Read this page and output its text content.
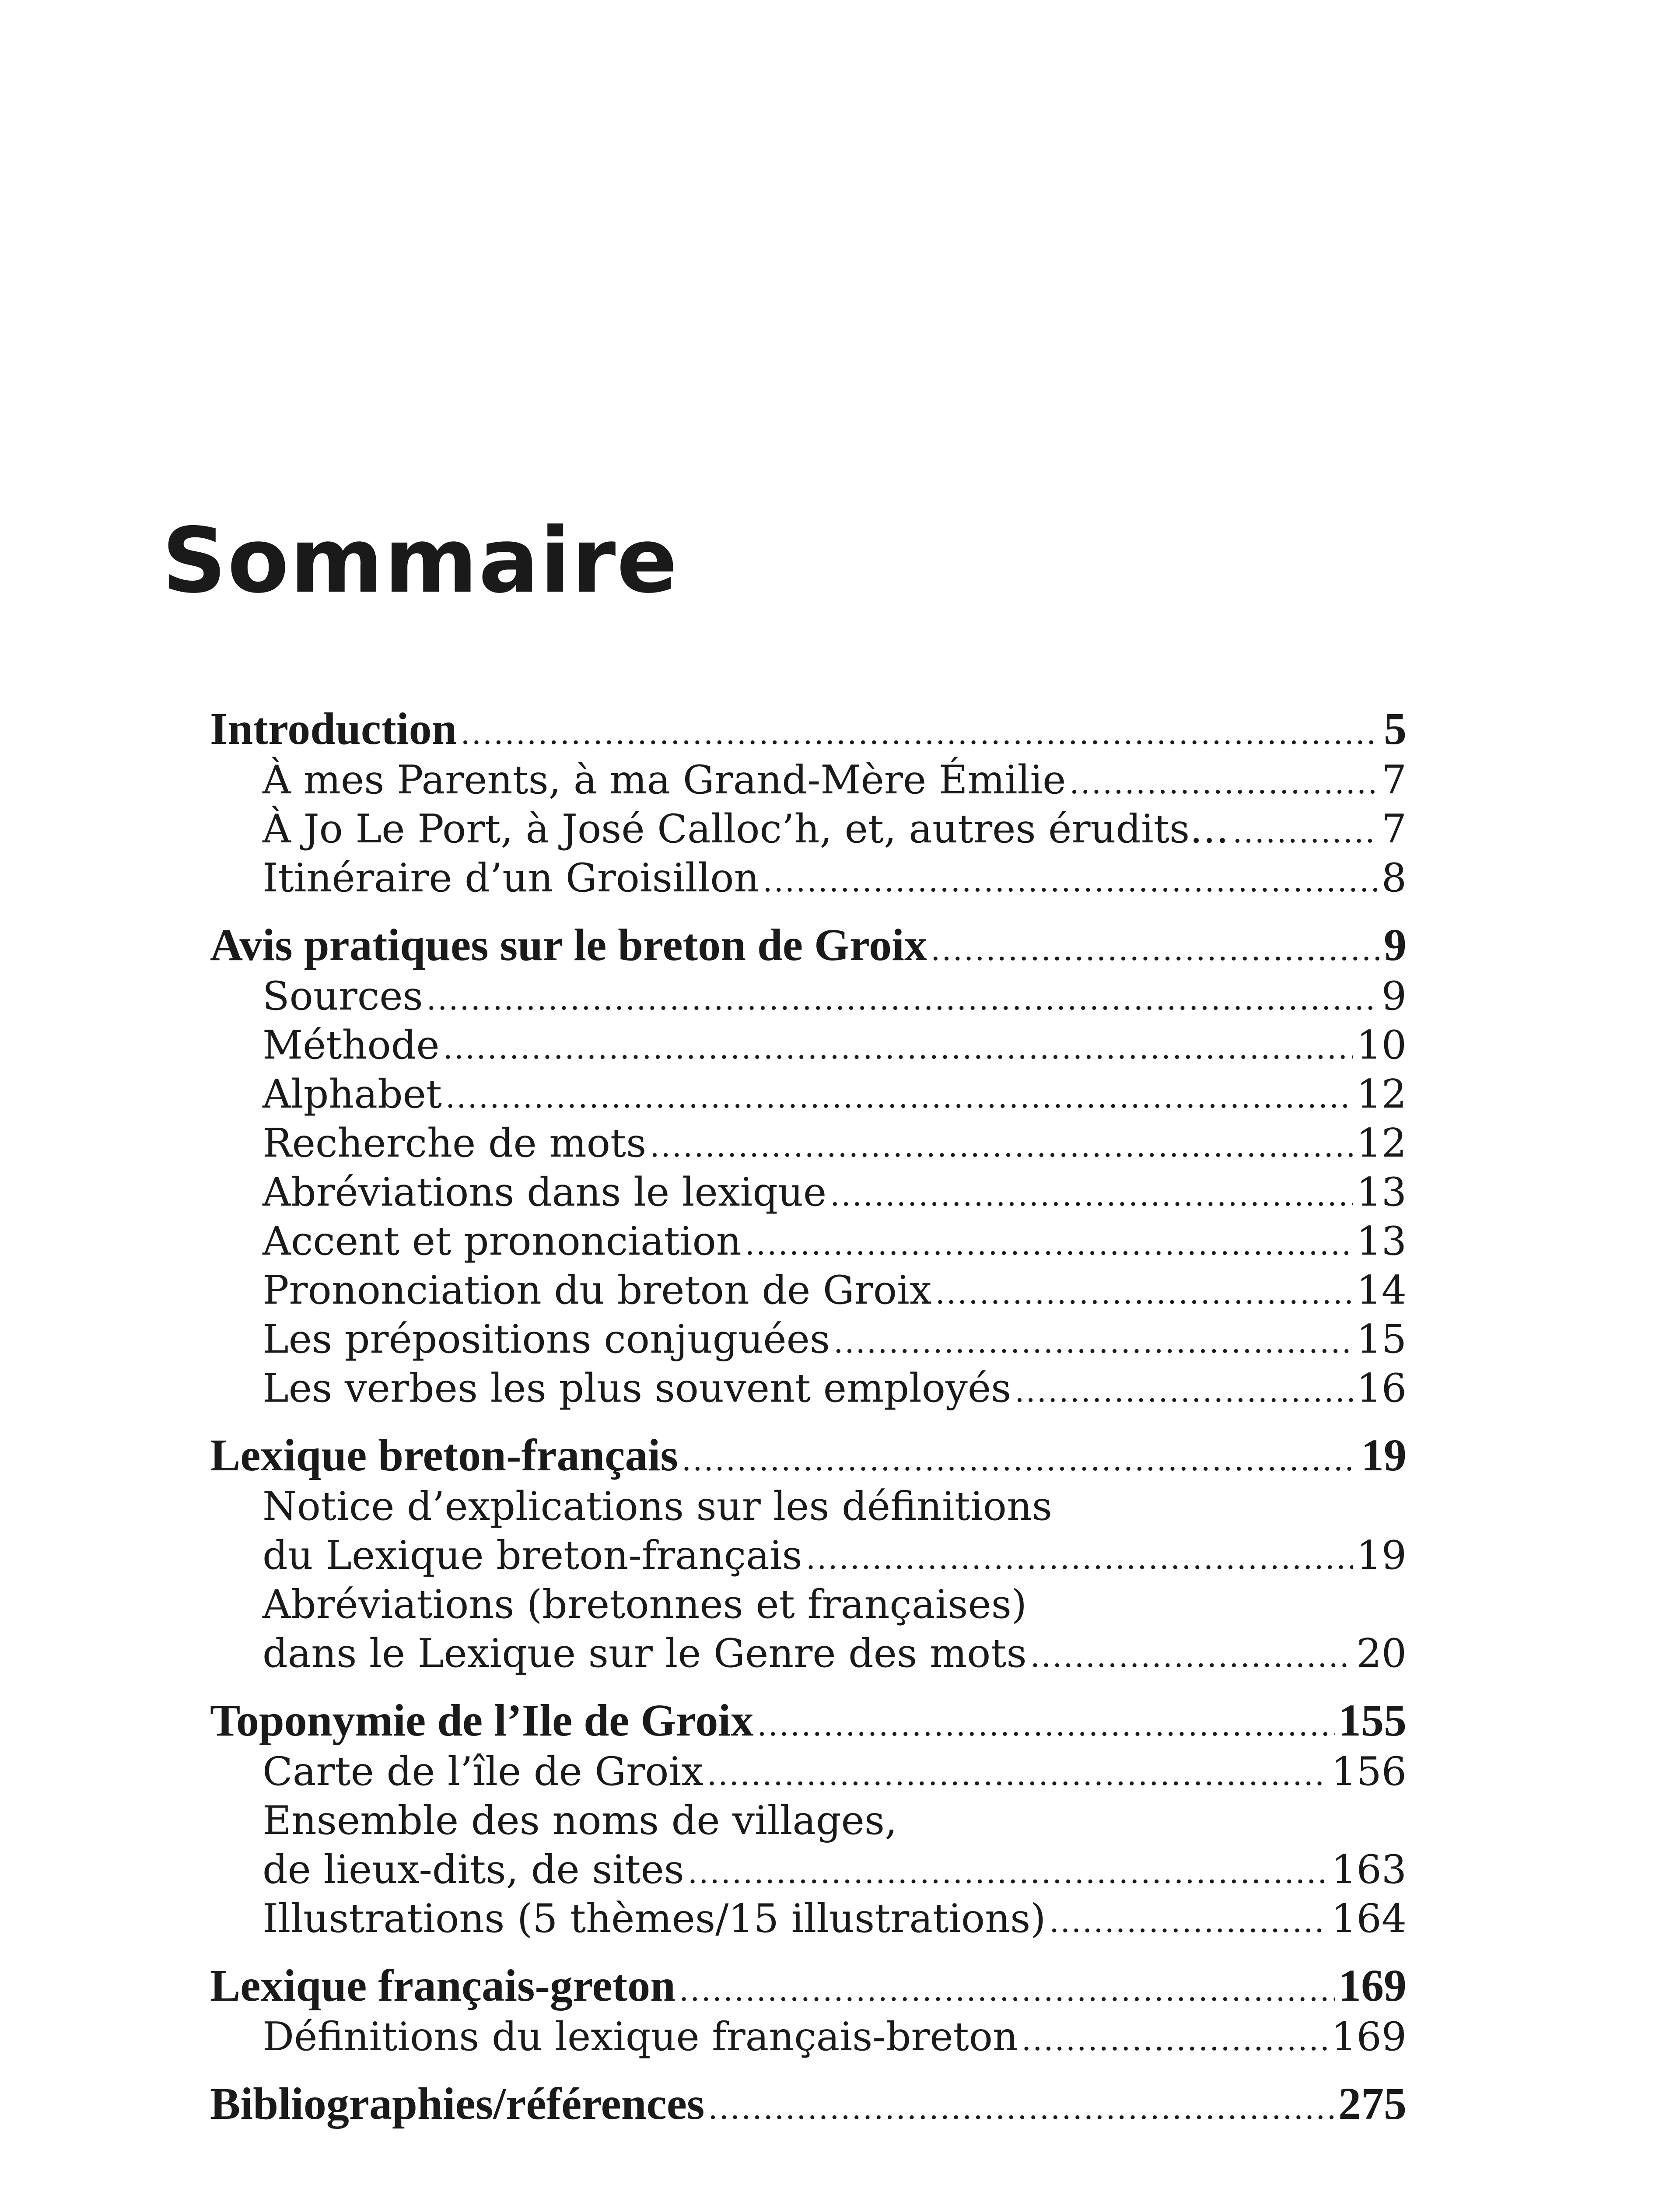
Sommaire
Introduction .....	5
À mes Parents, à ma Grand-Mère Émilie .....	7
À Jo Le Port, à José Calloc’h, et, autres érudits… .....	7
Itinéraire d’un Groisillon .....	8
Avis pratiques sur le breton de Groix .....	9
Sources .....	9
Méthode .....	10
Alphabet .....	12
Recherche de mots .....	12
Abréviations dans le lexique .....	13
Accent et prononciation .....	13
Prononciation du breton de Groix .....	14
Les prépositions conjuguées .....	15
Les verbes les plus souvent employés .....	16
Lexique breton-français .....	19
Notice d’explications sur les définitions
du Lexique breton-français .....	19
Abréviations (bretonnes et françaises)
dans le Lexique sur le Genre des mots .....	20
Toponymie de l’Ile de Groix .....	155
Carte de l’île de Groix .....	156
Ensemble des noms de villages,
de lieux-dits, de sites .....	163
Illustrations (5 thèmes/15 illustrations) .....	164
Lexique français-greton .....	169
Définitions du lexique français-breton .....	169
Bibliographies/références .....	275
